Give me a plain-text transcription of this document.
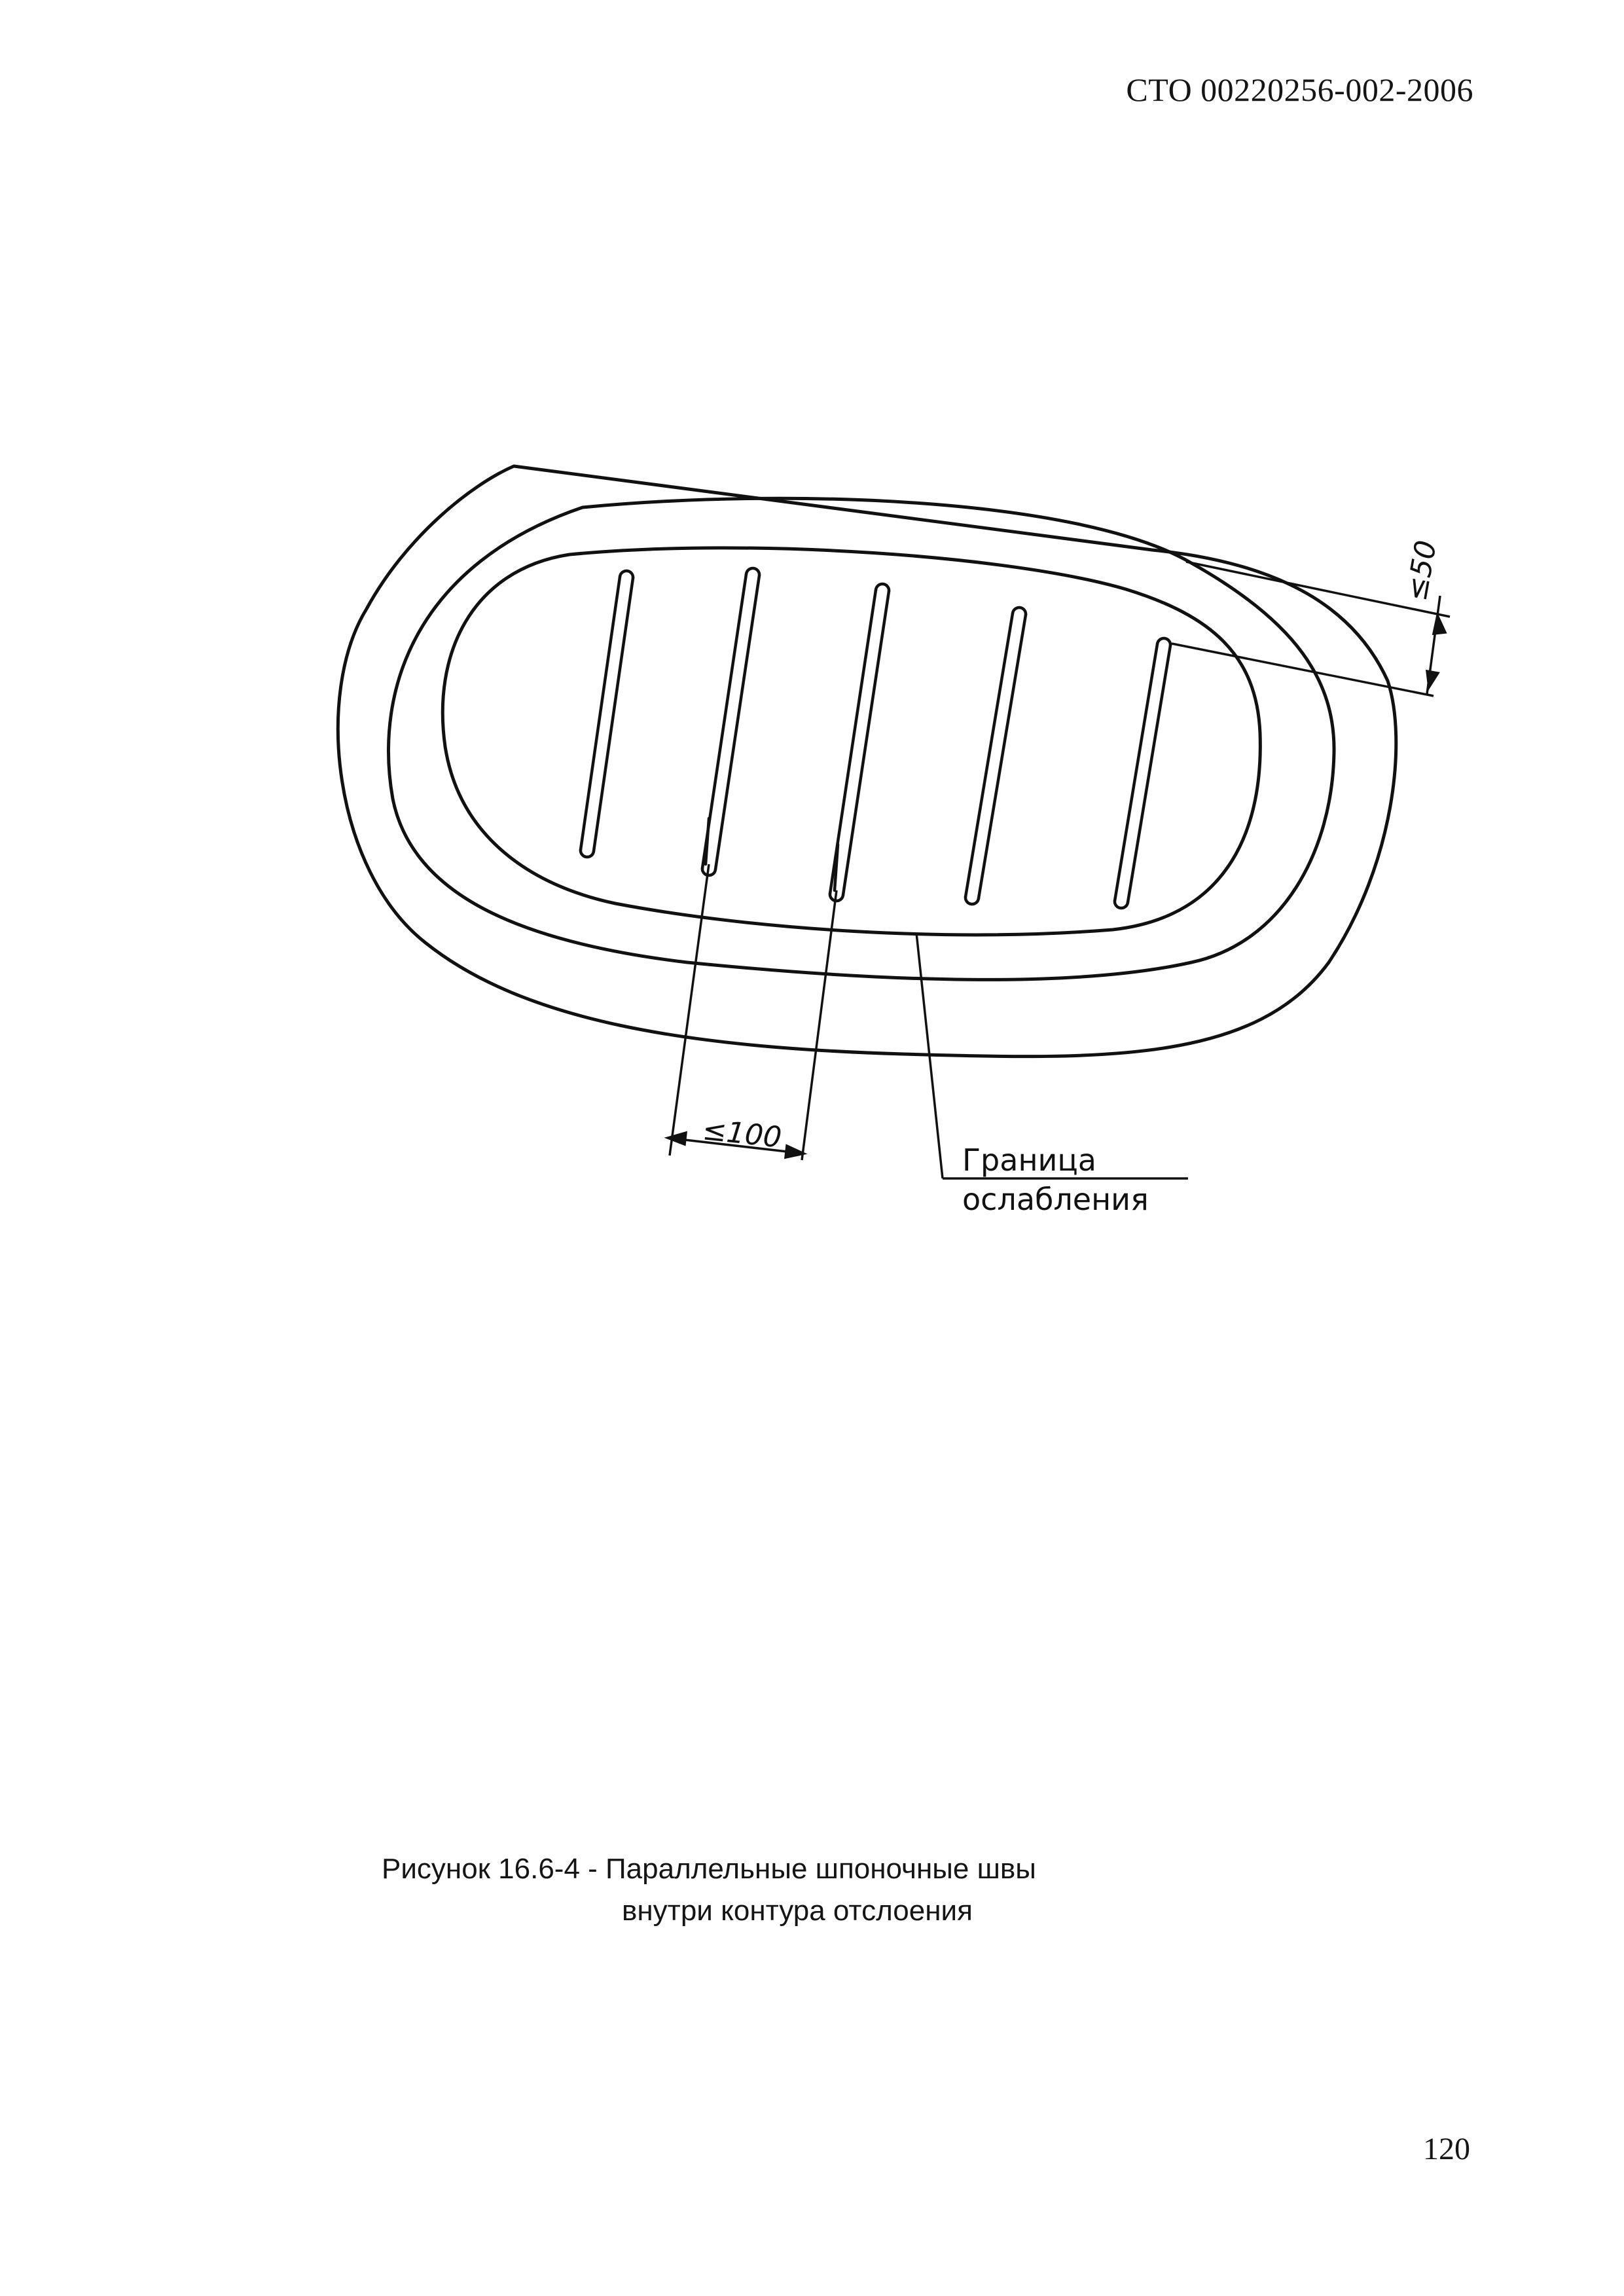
СТО 00220256-002-2006
≤100
≤50
Граница
ослабления
Рисунок 16.6-4 - Параллельные шпоночные швы
внутри контура отслоения
120
